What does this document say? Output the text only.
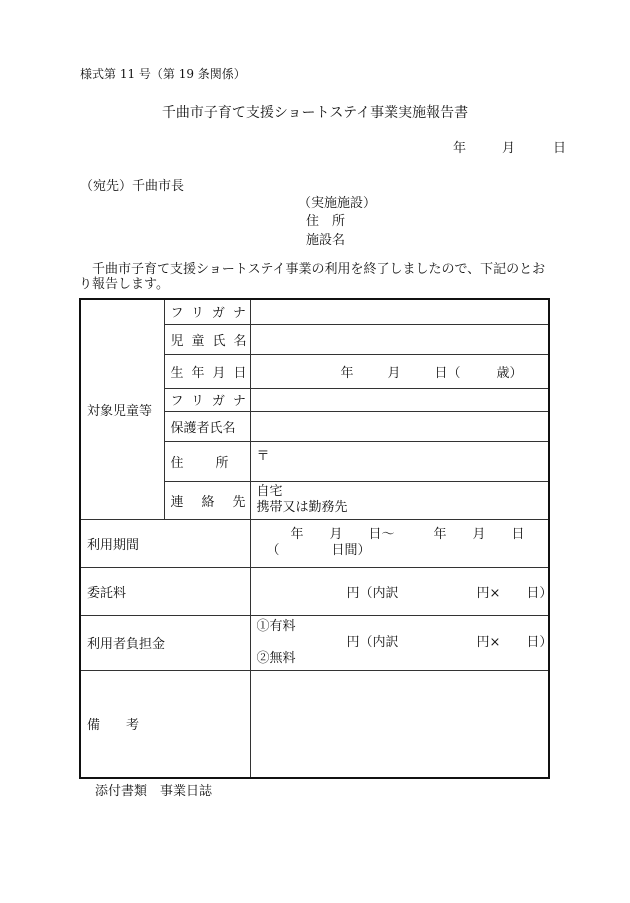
様式第 11 号（第 19 条関係）
千曲市子育て支援ショートステイ事業実施報告書
年	月	日
（宛先）千曲市長
（実施施設）
住　所
施設名
　千曲市子育て支援ショートステイ事業の利用を終了しましたので、下記のとおり報告します。
対象児童等	フリガナ	
	児童氏名	
	生年月日	年 月 日（ 歳）
	フリガナ	
	保護者氏名	
	住所	〒
	連絡先	自宅
携帯又は勤務先

利用期間		年　　月　　日～　　　年　　月　　日
（　　　　日間）

委託料		円（内訳　　　　　　円×　　日）
利用者負担金		①有料
円（内訳　　　　　　円×　　日）
②無料

備　　考		
添付書類　事業日誌
